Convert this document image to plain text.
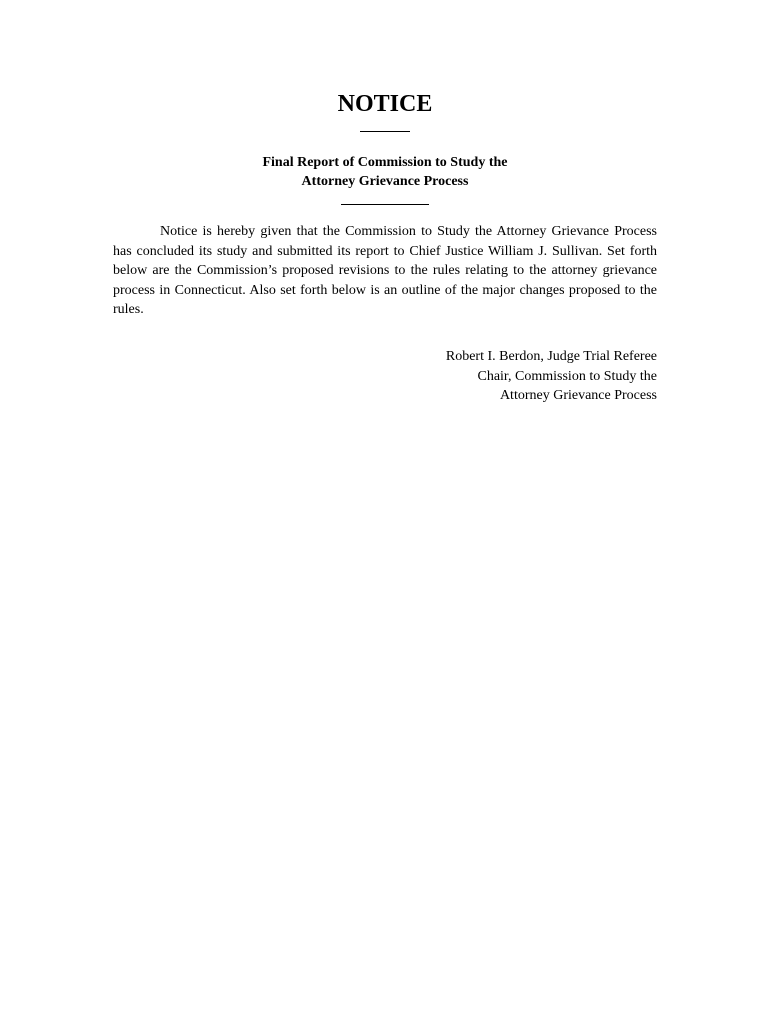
NOTICE
Final Report of Commission to Study the
Attorney Grievance Process

Notice is hereby given that the Commission to Study the Attorney Grievance Process has concluded its study and submitted its report to Chief Justice William J. Sullivan. Set forth below are the Commission’s proposed revisions to the rules relating to the attorney grievance process in Connecticut. Also set forth below is an outline of the major changes proposed to the rules.

Robert I. Berdon, Judge Trial Referee
Chair, Commission to Study the
Attorney Grievance Process
